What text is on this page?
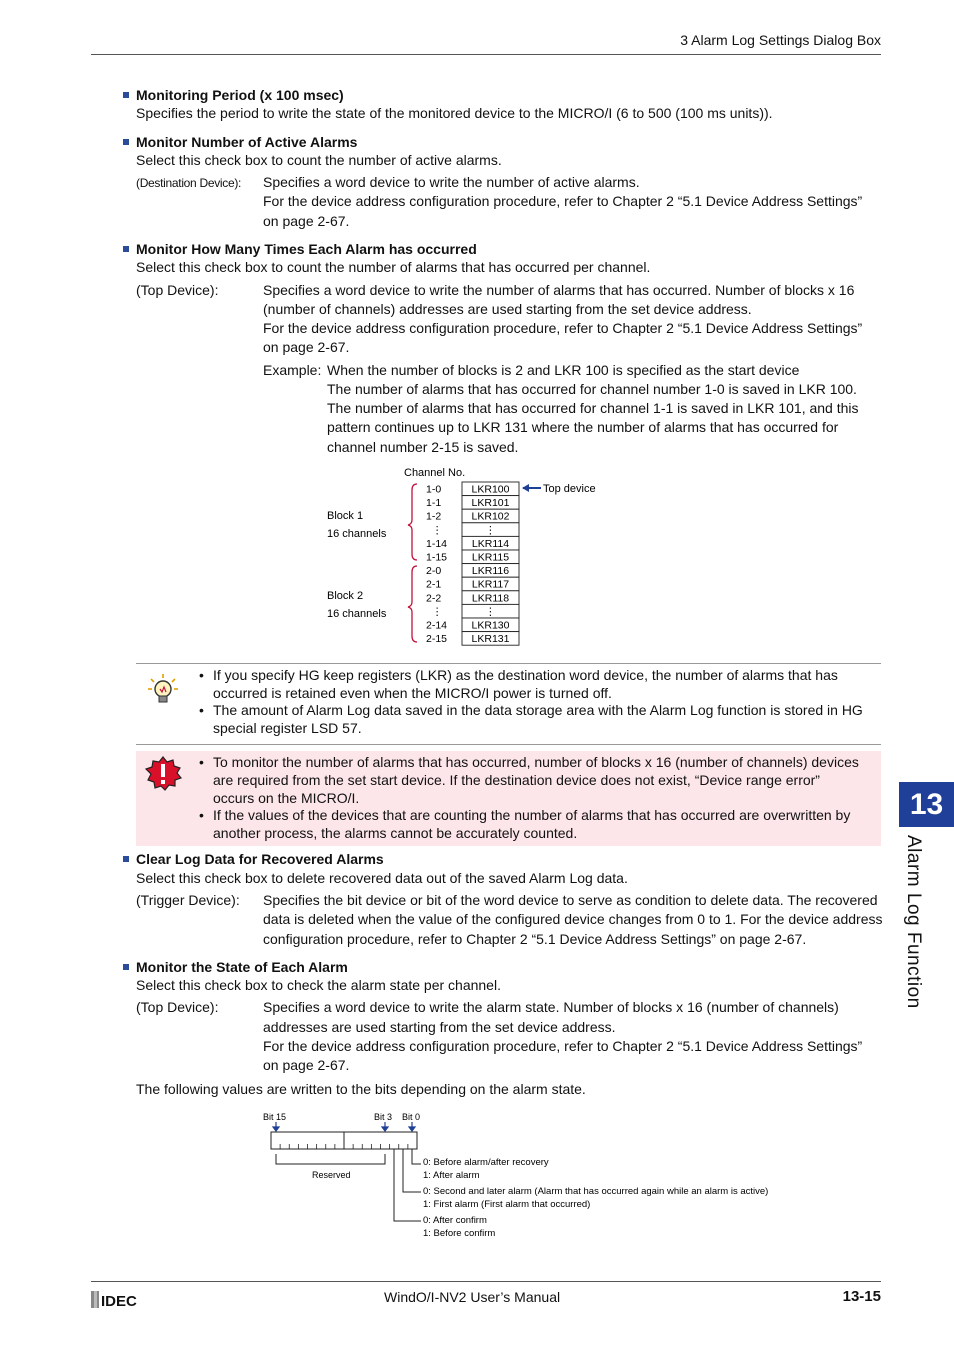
3 Alarm Log Settings Dialog Box
13
Alarm Log Function
Monitoring Period (x 100 msec)
Specifies the period to write the state of the monitored device to the MICRO/I (6 to 500 (100 ms units)).
Monitor Number of Active Alarms
Select this check box to count the number of active alarms.
(Destination Device): Specifies a word device to write the number of active alarms.
For the device address configuration procedure, refer to Chapter 2 “5.1 Device Address Settings”
on page 2-67.
Monitor How Many Times Each Alarm has occurred
Select this check box to count the number of alarms that has occurred per channel.
(Top Device):	Specifies a word device to write the number of alarms that has occurred. Number of blocks x 16
(number of channels) addresses are used starting from the set device address.
For the device address configuration procedure, refer to Chapter 2 “5.1 Device Address Settings”
on page 2-67.
Example: When the number of blocks is 2 and LKR 100 is specified as the start device
The number of alarms that has occurred for channel number 1-0 is saved in LKR 100.
The number of alarms that has occurred for channel 1-1 is saved in LKR 101, and this
pattern continues up to LKR 131 where the number of alarms that has occurred for
channel number 2-15 is saved.
Channel No.
Block 1
16 channels
Block 2
16 channels
1-0	LKR100
1-1	LKR101
1-2	LKR102
⋮	⋮
1-14 LKR114
1-15 LKR115
2-0	LKR116
2-1	LKR117
2-2	LKR118
⋮	⋮
2-14 LKR130
2-15 LKR131
Top device
• If you specify HG keep registers (LKR) as the destination word device, the number of alarms that has
occurred is retained even when the MICRO/I power is turned off.
• The amount of Alarm Log data saved in the data storage area with the Alarm Log function is stored in HG
special register LSD 57.
• To monitor the number of alarms that has occurred, number of blocks x 16 (number of channels) devices
are required from the set start device. If the destination device does not exist, “Device range error”
occurs on the MICRO/I.
• If the values of the devices that are counting the number of alarms that has occurred are overwritten by
another process, the alarms cannot be accurately counted.
Clear Log Data for Recovered Alarms
Select this check box to delete recovered data out of the saved Alarm Log data.
(Trigger Device): Specifies the bit device or bit of the word device to serve as condition to delete data. The recovered
data is deleted when the value of the configured device changes from 0 to 1. For the device address
configuration procedure, refer to Chapter 2 “5.1 Device Address Settings” on page 2-67.
Monitor the State of Each Alarm
Select this check box to check the alarm state per channel.
(Top Device):	Specifies a word device to write the alarm state. Number of blocks x 16 (number of channels)
addresses are used starting from the set device address.
For the device address configuration procedure, refer to Chapter 2 “5.1 Device Address Settings”
on page 2-67.
The following values are written to the bits depending on the alarm state.
Bit 15	Bit 3 Bit 0
Reserved
0: Before alarm/after recovery
1: After alarm
0: Second and later alarm (Alarm that has occurred again while an alarm is active)
1: First alarm (First alarm that occurred)
0: After confirm
1: Before confirm
IDEC	WindO/I-NV2 User’s Manual	13-15
